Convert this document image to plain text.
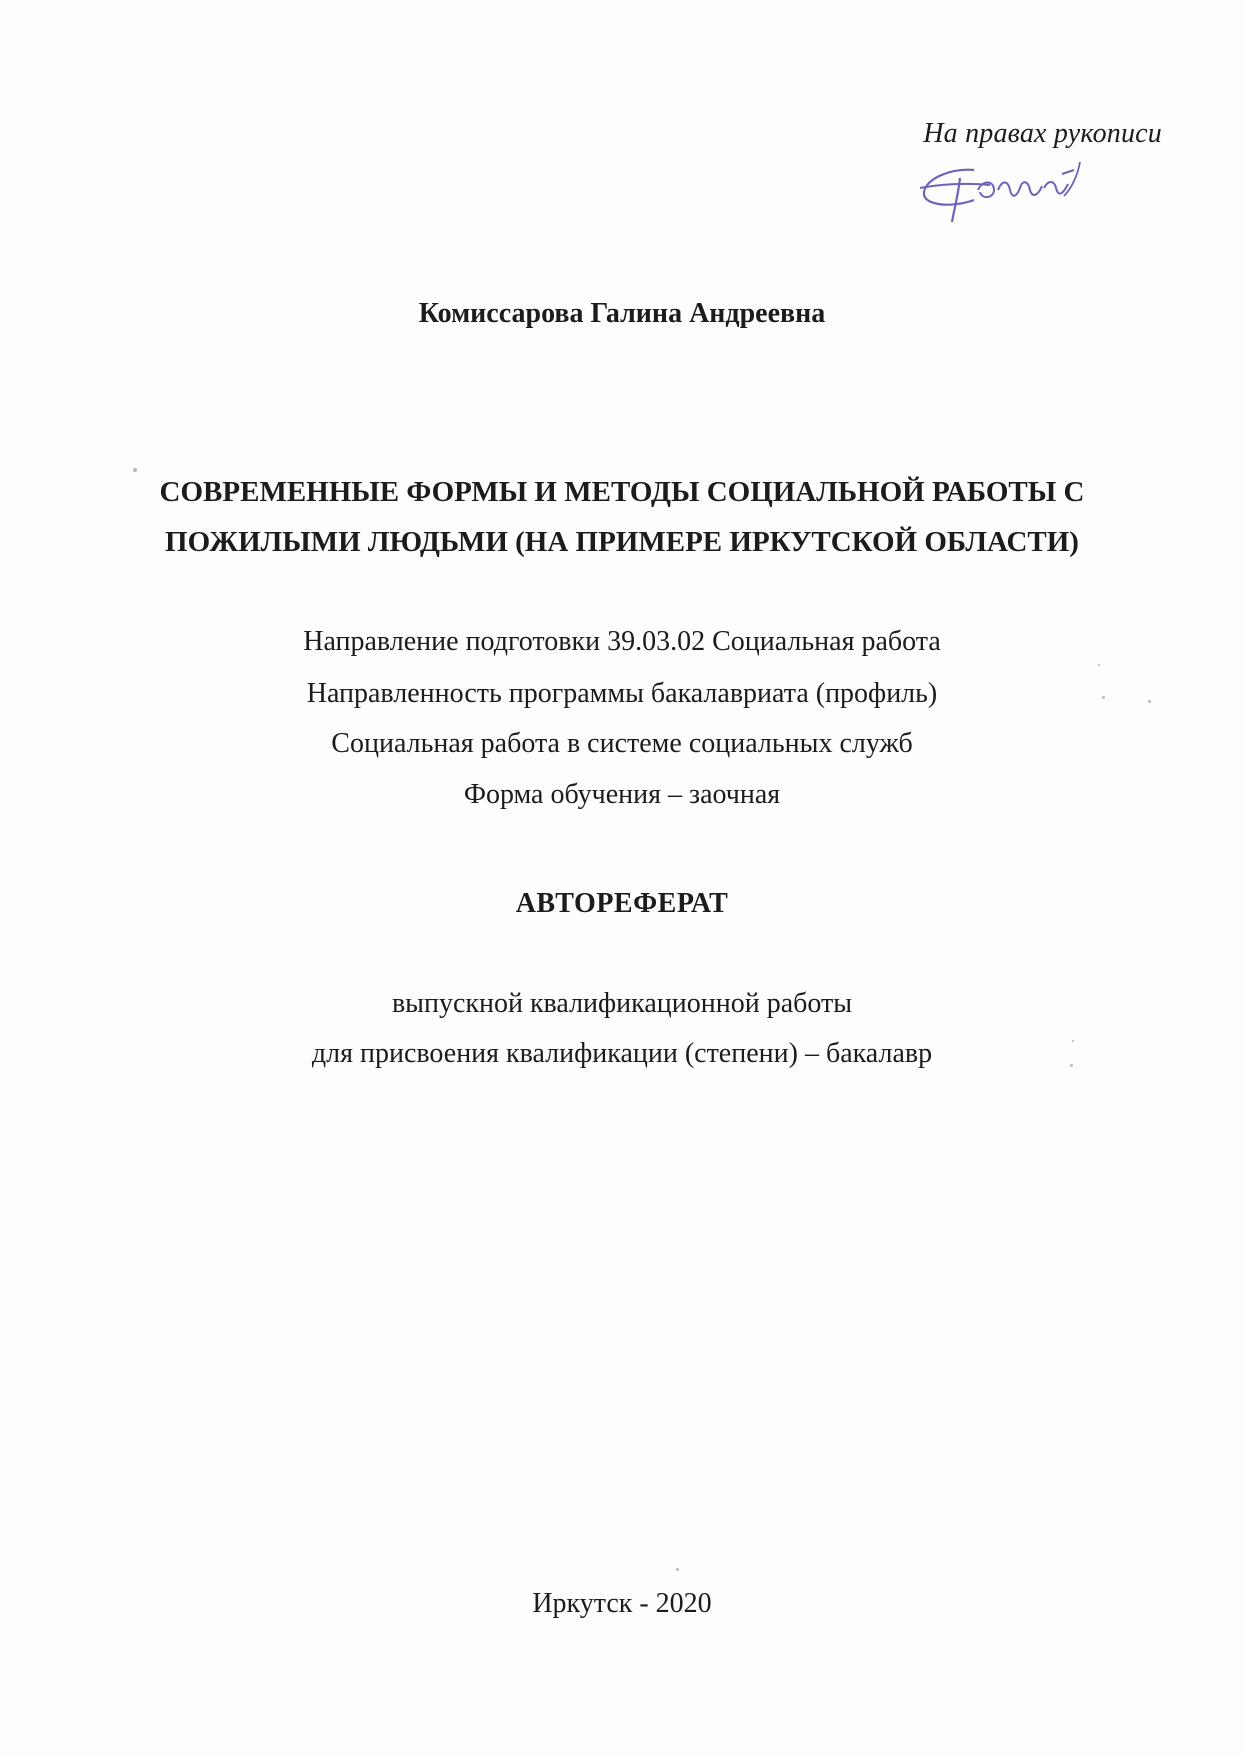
На правах рукописи
Комиссарова Галина Андреевна
СОВРЕМЕННЫЕ ФОРМЫ И МЕТОДЫ СОЦИАЛЬНОЙ РАБОТЫ С
ПОЖИЛЫМИ ЛЮДЬМИ (НА ПРИМЕРЕ ИРКУТСКОЙ ОБЛАСТИ)
Направление подготовки 39.03.02 Социальная работа
Направленность программы бакалавриата (профиль)
Социальная работа в системе социальных служб
Форма обучения – заочная
АВТОРЕФЕРАТ
выпускной квалификационной работы
для присвоения квалификации (степени) – бакалавр
Иркутск - 2020
